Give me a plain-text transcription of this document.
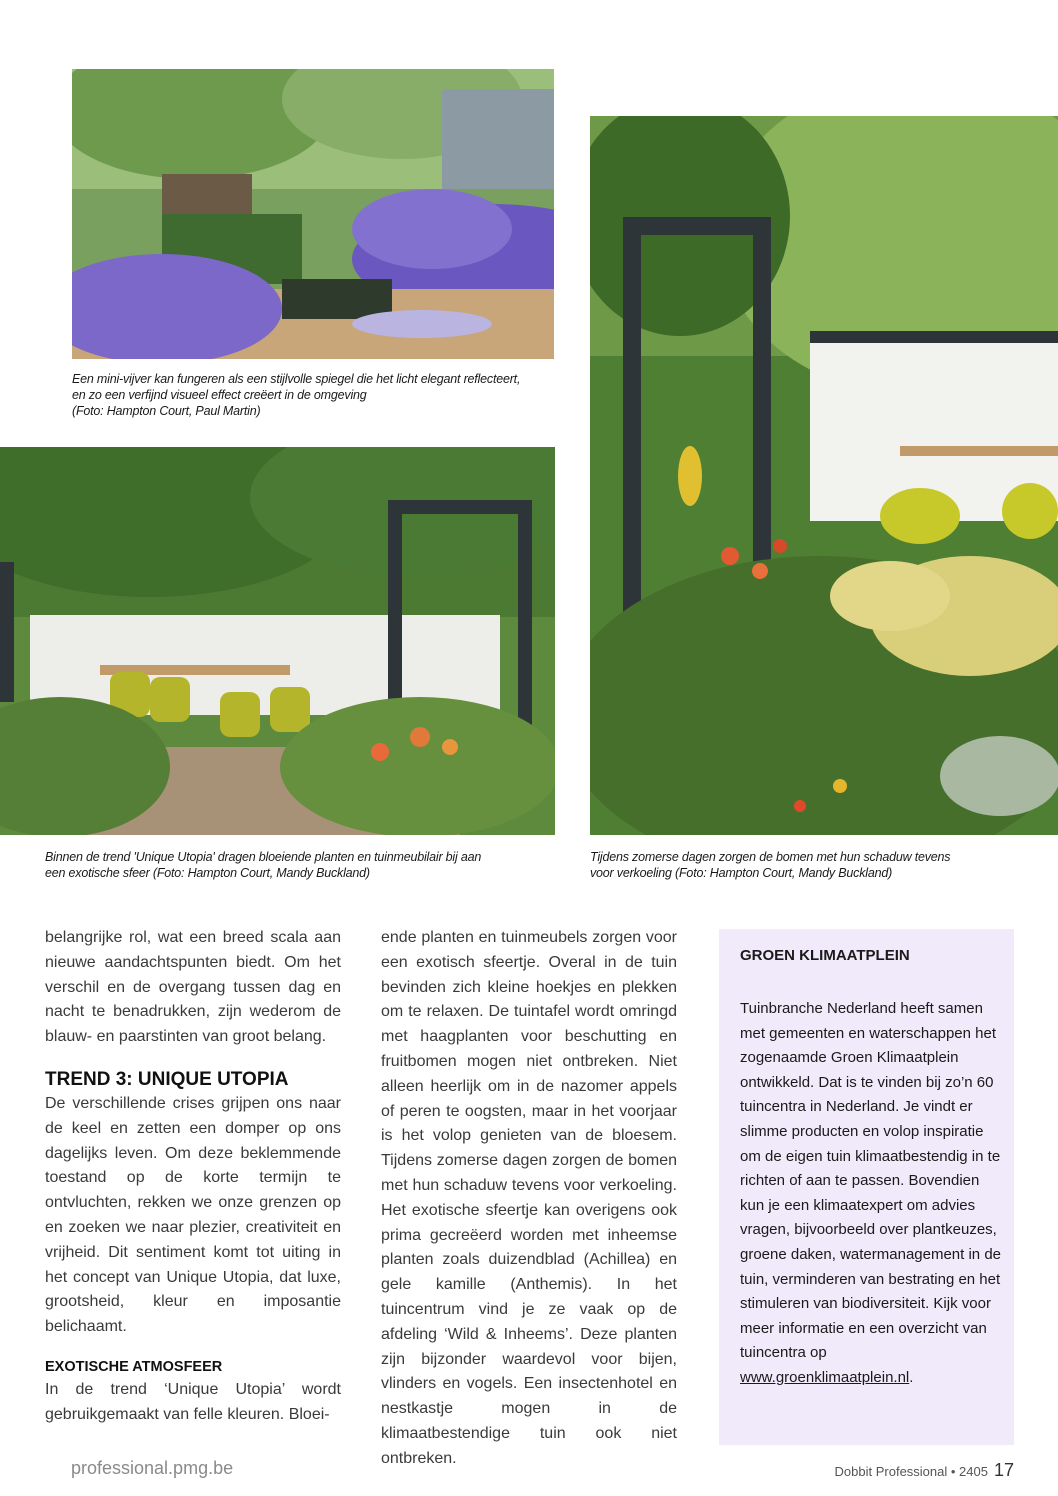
Een mini-vijver kan fungeren als een stijlvolle spiegel die het licht elegant reflecteert,
en zo een verfijnd visueel effect creëert in de omgeving
(Foto: Hampton Court, Paul Martin)
Binnen de trend 'Unique Utopia' dragen bloeiende planten en tuinmeubilair bij aan
een exotische sfeer (Foto: Hampton Court, Mandy Buckland)
Tijdens zomerse dagen zorgen de bomen met hun schaduw tevens
voor verkoeling (Foto: Hampton Court, Mandy Buckland)

belangrijke rol, wat een breed scala aan nieuwe aandachtspunten biedt. Om het verschil en de overgang tussen dag en nacht te benadrukken, zijn wederom de blauw- en paarstinten van groot belang.

TREND 3: UNIQUE UTOPIA

De verschillende crises grijpen ons naar de keel en zetten een domper op ons dagelijks leven. Om deze beklemmende toestand op de korte termijn te ontvluchten, rekken we onze grenzen op en zoeken we naar plezier, creativiteit en vrijheid. Dit sentiment komt tot uiting in het concept van Unique Utopia, dat luxe, grootsheid, kleur en imposantie belichaamt.

EXOTISCHE ATMOSFEER

In de trend ‘Unique Utopia’ wordt gebruikgemaakt van felle kleuren. Bloei-

ende planten en tuinmeubels zorgen voor een exotisch sfeertje. Overal in de tuin bevinden zich kleine hoekjes en plekken om te relaxen. De tuintafel wordt omringd met haagplanten voor beschutting en fruitbomen mogen niet ontbreken. Niet alleen heerlijk om in de nazomer appels of peren te oogsten, maar in het voorjaar is het volop genieten van de bloesem. Tijdens zomerse dagen zorgen de bomen met hun schaduw tevens voor verkoeling. Het exotische sfeertje kan overigens ook prima gecreëerd worden met inheemse planten zoals duizendblad (Achillea) en gele kamille (Anthemis). In het tuincentrum vind je ze vaak op de afdeling ‘Wild & Inheems’. Deze planten zijn bijzonder waardevol voor bijen, vlinders en vogels. Een insectenhotel en nestkastje mogen in de klimaatbestendige tuin ook niet ontbreken.

GROEN KLIMAATPLEIN
Tuinbranche Nederland heeft samen met gemeenten en waterschappen het zogenaamde Groen Klimaatplein ontwikkeld. Dat is te vinden bij zo’n 60 tuincentra in Nederland. Je vindt er slimme producten en volop inspiratie om de eigen tuin klimaatbestendig in te richten of aan te passen. Bovendien kun je een klimaatexpert om advies vragen, bijvoorbeeld over plantkeuzes, groene daken, watermanagement in de tuin, verminderen van bestrating en het stimuleren van biodiversiteit. Kijk voor meer informatie en een overzicht van tuincentra op www.groenklimaatplein.nl.
professional.pmg.be	Dobbit Professional • 2405 17
